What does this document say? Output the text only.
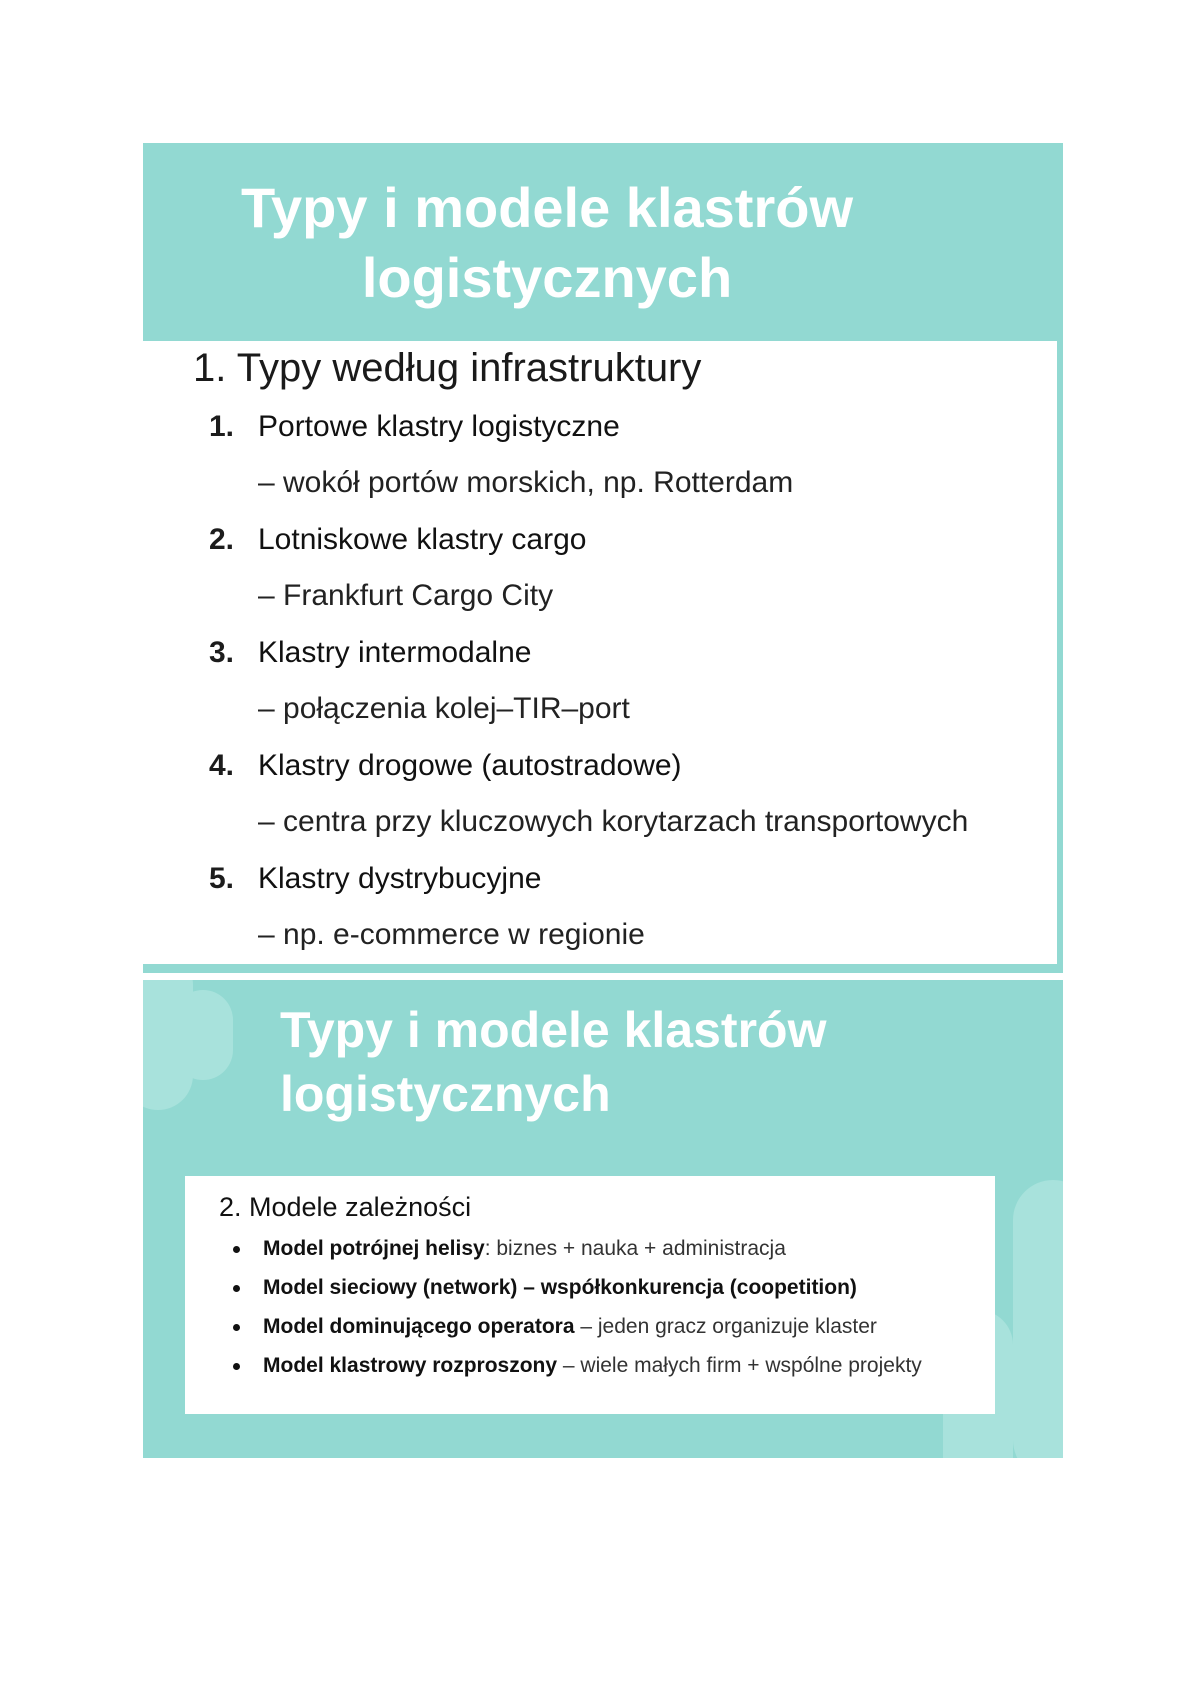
Typy i modele klastrów
logistycznych
1. Typy według infrastruktury
1. Portowe klastry logistyczne
– wokół portów morskich, np. Rotterdam
2. Lotniskowe klastry cargo
– Frankfurt Cargo City
3. Klastry intermodalne
– połączenia kolej–TIR–port
4. Klastry drogowe (autostradowe)
– centra przy kluczowych korytarzach transportowych
5. Klastry dystrybucyjne
– np. e-commerce w regionie
Typy i modele klastrów
logistycznych
2. Modele zależności
Model potrójnej helisy: biznes + nauka + administracja
Model sieciowy (network) – współkonkurencja (coopetition)
Model dominującego operatora – jeden gracz organizuje klaster
Model klastrowy rozproszony – wiele małych firm + wspólne projekty
